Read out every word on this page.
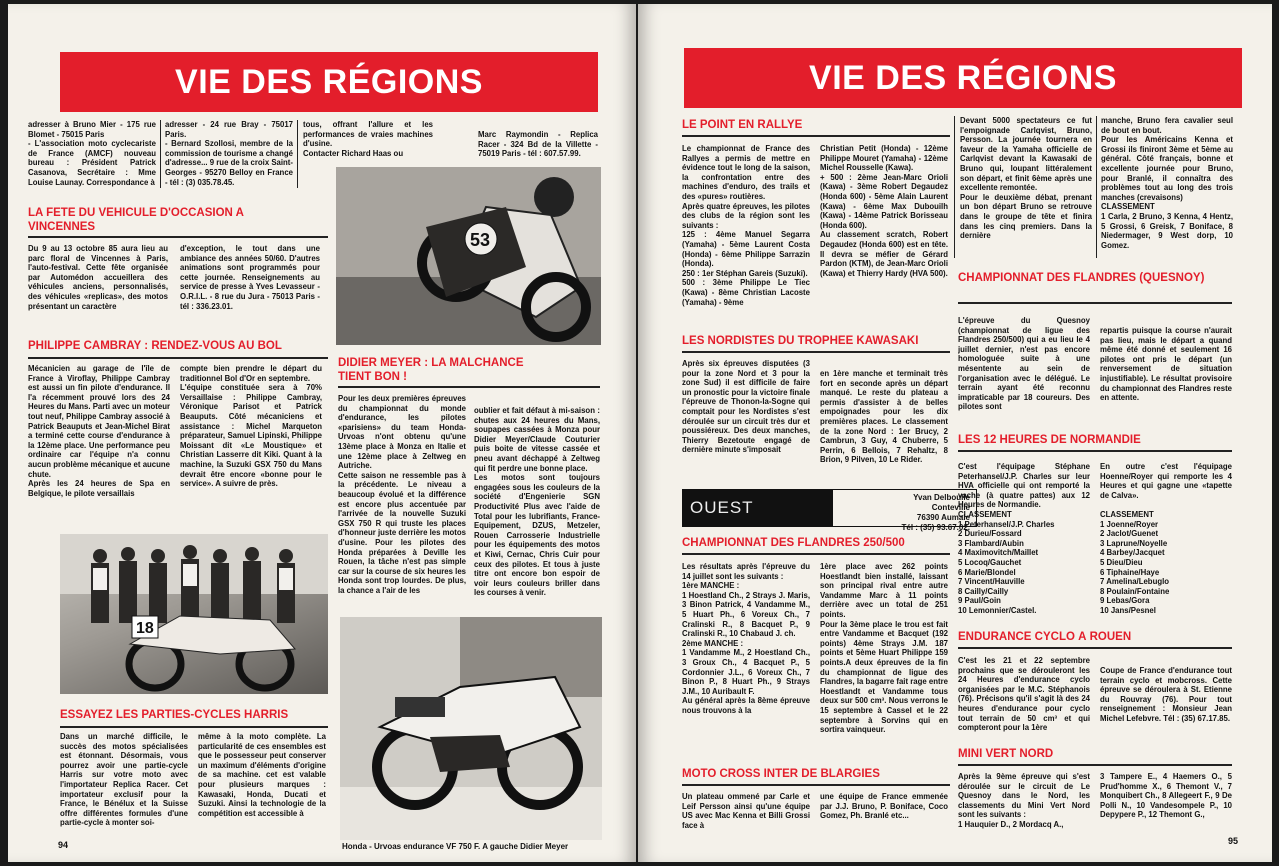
VIE DES RÉGIONS
adresser à Bruno Mier - 175 rue Blomet - 75015 Paris
- L'association moto cyclecariste de France (AMCF) nouveau bureau : Président Patrick Casanova, Secrétaire : Mme Louise Launay. Correspondance à
adresser - 24 rue Bray - 75017 Paris.
- Bernard Szollosi, membre de la commission de tourisme a changé d'adresse... 9 rue de la croix Saint-Georges - 95270 Belloy en France - tél : (3) 035.78.45.
tous, offrant l'allure et les performances de vraies machines d'usine.
Contacter Richard Haas ou
Marc Raymondin - Replica Racer - 324 Bd de la Villette - 75019 Paris - tél : 607.57.99.
LA FÊTE DU VÉHICULE D'OCCASION A VINCENNES
Du 9 au 13 octobre 85 aura lieu au parc floral de Vincennes à Paris, l'auto-festival. Cette fête organisée par Automédon accueillera des véhicules anciens, personnalisés, des véhicules «replicas», des motos présentant un caractère
d'exception, le tout dans une ambiance des années 50/60. D'autres animations sont programmés pour cette journée. Renseignements au service de presse à Yves Levasseur - O.R.I.L. - 8 rue du Jura - 75013 Paris - tél : 336.23.01.
PHILIPPE CAMBRAY : RENDEZ-VOUS AU BOL
Mécanicien au garage de l'île de France à Viroflay, Philippe Cambray est aussi un fin pilote d'endurance. Il l'a récemment prouvé lors des 24 Heures du Mans. Parti avec un moteur tout neuf, Philippe Cambray associé à Patrick Beauputs et Jean-Michel Birat a terminé cette course d'endurance à la 12ème place. Une performance peu ordinaire car l'équipe n'a connu aucun problème mécanique et aucune chute.
Après les 24 heures de Spa en Belgique, le pilote versaillais
compte bien prendre le départ du traditionnel Bol d'Or en septembre.
L'équipe constituée sera à 70% Versaillaise : Philippe Cambray, Véronique Parisot et Patrick Beauputs. Côté mécaniciens et assistance : Michel Marqueton préparateur, Samuel Lipinski, Philippe Moissant dit «Le Moustique» et Christian Lasserre dit Kiki. Quant à la machine, la Suzuki GSX 750 du Mans devrait être encore «bonne pour le service». A suivre de près.
18
ESSAYEZ LES PARTIES-CYCLES HARRIS
Dans un marché difficile, le succès des motos spécialisées est étonnant. Désormais, vous pourrez avoir une partie-cycle Harris sur votre moto avec l'importateur Replica Racer. Cet importateur exclusif pour la France, le Bénélux et la Suisse offre différentes formules d'une partie-cycle à monter soi-
même à la moto complète. La particularité de ces ensembles est que le possesseur peut conserver un maximum d'éléments d'origine de sa machine. cet est valable pour plusieurs marques : Kawasaki, Honda, Ducati et Suzuki. Ainsi la technologie de la compétition est accessible à
53
DIDIER MEYER : LA MALCHANCE TIENT BON !
Pour les deux premières épreuves du championnat du monde d'endurance, les pilotes «parisiens» du team Honda-Urvoas n'ont obtenu qu'une 13ème place à Monza en Italie et une 12ème place à Zeltweg en Autriche.
Cette saison ne ressemble pas à la précédente. Le niveau a beaucoup évolué et la différence est encore plus accentuée par l'arrivée de la nouvelle Suzuki GSX 750 R qui truste les places d'honneur juste derrière les motos d'usine. Pour les pilotes des Honda préparées à Deville les Rouen, la tâche n'est pas simple car sur la course de six heures les Honda sont trop lourdes. De plus, la chance a l'air de les
oublier et fait défaut à mi-saison : chutes aux 24 heures du Mans, soupapes cassées à Monza pour Didier Meyer/Claude Couturier puis boite de vitesse cassée et pneu avant déchappé à Zeltweg qui fit perdre une bonne place.
Les motos sont toujours engagées sous les couleurs de la société d'Engenierie SGN Productivité Plus avec l'aide de Total pour les lubrifiants, France-Equipement, DZUS, Metzeler, Rouen Carrosserie Industrielle pour les équipements des motos et Kiwi, Cernac, Chris Cuir pour ceux des pilotes. Et tous à juste titre ont encore bon espoir de voir leurs couleurs briller dans les courses à venir.
Honda - Urvoas endurance VF 750 F. A gauche Didier Meyer
94
VIE DES RÉGIONS
LE POINT EN RALLYE
Le championnat de France des Rallyes a permis de mettre en évidence tout le long de la saison, la confrontation entre des machines d'enduro, des trails et des «pures» routières.
Après quatre épreuves, les pilotes des clubs de la région sont les suivants :
125 : 4ème Manuel Segarra (Yamaha) - 5ème Laurent Costa (Honda) - 6ème Philippe Sarrazin (Honda).
250 : 1er Stéphan Gareis (Suzuki).
500 : 3ème Philippe Le Tiec (Kawa) - 8ème Christian Lacoste (Yamaha) - 9ème
Christian Petit (Honda) - 12ème Philippe Mouret (Yamaha) - 12ème Michel Rousselle (Kawa).
+ 500 : 2ème Jean-Marc Orioli (Kawa) - 3ème Robert Degaudez (Honda 600) - 5ème Alain Laurent (Kawa) - 6ème Max Dubouilh (Kawa) - 14ème Patrick Borisseau (Honda 600).
Au classement scratch, Robert Degaudez (Honda 600) est en tête. Il devra se méfier de Gérard Pardon (KTM), de Jean-Marc Orioli (Kawa) et Thierry Hardy (HVA 500).
Devant 5000 spectateurs ce fut l'empoignade Carlqvist, Bruno, Persson. La journée tournera en faveur de la Yamaha officielle de Carlqvist devant la Kawasaki de Bruno qui, loupant littéralement son départ, et finit 6ème après une excellente remontée.
Pour le deuxième débat, prenant un bon départ Bruno se retrouve dans le groupe de tête et finira dans les cinq premiers. Dans la dernière
manche, Bruno fera cavalier seul de bout en bout.
Pour les Américains Kenna et Grossi ils finiront 3ème et 5ème au général. Côté français, bonne et excellente journée pour Bruno, pour Branlé, il connaîtra des problèmes tout au long des trois manches (crevaisons)
CLASSEMENT
1 Carla, 2 Bruno, 3 Kenna, 4 Hentz, 5 Grossi, 6 Greisk, 7 Boniface, 8 Niedermager, 9 West dorp, 10 Gomez.
CHAMPIONNAT DES FLANDRES (QUESNOY)
L'épreuve du Quesnoy (championnat de ligue des Flandres 250/500) qui a eu lieu le 4 juillet dernier, n'est pas encore homologuée suite à une mésentente au sein de l'organisation avec le délégué. Le terrain ayant été reconnu impraticable par 18 coureurs. Des pilotes sont
repartis puisque la course n'aurait pas lieu, mais le départ a quand même été donné et seulement 16 pilotes ont pris le départ (un renversement de situation injustifiable). Le résultat provisoire du championnat des Flandres reste en attente.
LES NORDISTES DU TROPHÉE KAWASAKI
Après six épreuves disputées (3 pour la zone Nord et 3 pour la zone Sud) il est difficile de faire un pronostic pour la victoire finale l'épreuve de Thonon-la-Sogne qui comptait pour les Nordistes s'est déroulée sur un circuit très dur et poussiéreux. Des deux manches, Thierry Bezetoute engagé de dernière minute s'imposait
en 1ère manche et terminait très fort en seconde après un départ manqué. Le reste du plateau a permis d'assister à de belles empoignades pour les dix premières places. Le classement de la zone Nord : 1er Brucy, 2 Cambrun, 3 Guy, 4 Chuberre, 5 Perrin, 6 Bellois, 7 Rehaltz, 8 Brion, 9 Pilven, 10 Le Rider.
OUEST
Yvan Delboulle
Conteville
76390 Aumale
Tél : (35) 93.67.02.
CHAMPIONNAT DES FLANDRES 250/500
Les résultats après l'épreuve du 14 juillet sont les suivants :
1ère MANCHE :
1 Hoestland Ch., 2 Strays J. Maris, 3 Binon Patrick, 4 Vandamme M., 5 Huart Ph., 6 Voreux Ch., 7 Cralinski R., 8 Bacquet P., 9 Cralinski R., 10 Chabaud J. ch.
2ème MANCHE :
1 Vandamme M., 2 Hoestland Ch., 3 Groux Ch., 4 Bacquet P., 5 Cordonnier J.L., 6 Voreux Ch., 7 Binon P., 8 Huart Ph., 9 Strays J.M., 10 Auribault F.
Au général après la 8ème épreuve nous trouvons à la
1ère place avec 262 points Hoestlandt bien installé, laissant son principal rival entre autre Vandamme Marc à 11 points derrière avec un total de 251 points.
Pour la 3ème place le trou est fait entre Vandamme et Bacquet (192 points) 4ème Strays J.M. 187 points et 5ème Huart Philippe 159 points.A deux épreuves de la fin du championnat de ligue des Flandres, la bagarre fait rage entre Hoestlandt et Vandamme tous deux sur 500 cm³. Nous verrons le 15 septembre à Cassel et le 22 septembre à Sorvins qui en sortira vainqueur.
MOTO CROSS INTER DE BLARGIES
Un plateau ommené par Carle et Leif Persson ainsi qu'une équipe US avec Mac Kenna et Billi Grossi face à
une équipe de France emmenée par J.J. Bruno, P. Boniface, Coco Gomez, Ph. Branlé etc...
LES 12 HEURES DE NORMANDIE
C'est l'équipage Stéphane Peterhansel/J.P. Charles sur leur HVA officielle qui ont remporté la vache (à quatre pattes) aux 12 Heures de Normandie.
CLASSEMENT
1 Peterhansel/J.P. Charles
2 Durieu/Fossard
3 Flambard/Aubin
4 Maximovitch/Maillet
5 Locoq/Gauchet
6 Marie/Blondel
7 Vincent/Hauville
8 Cailly/Cailly
9 Paul/Goin
10 Lemonnier/Castel.
En outre c'est l'équipage Hoenne/Royer qui remporte les 4 Heures et qui gagne une «tapette de Calva».

CLASSEMENT
1 Joenne/Royer
2 Jaclot/Guenet
3 Laprune/Noyelle
4 Barbey/Jacquet
5 Dieu/Dieu
6 Tiphaine/Haye
7 Amelina/Lebuglo
8 Poulain/Fontaine
9 Lebas/Gora
10 Jans/Pesnel
ENDURANCE CYCLO À ROUEN
C'est les 21 et 22 septembre prochains que se dérouleront les 24 Heures d'endurance cyclo organisées par le M.C. Stéphanois (76). Précisons qu'il s'agit là des 24 heures d'endurance pour cyclo tout terrain de 50 cm³ et qui compteront pour la 1ère
Coupe de France d'endurance tout terrain cyclo et mobcross. Cette épreuve se déroulera à St. Etienne du Rouvray (76). Pour tout renseignement : Monsieur Jean Michel Lefebvre. Tél : (35) 67.17.85.
MINI VERT NORD
Après la 9ème épreuve qui s'est déroulée sur le circuit de Le Quesnoy dans le Nord, les classements du Mini Vert Nord sont les suivants :
1 Hauquier D., 2 Mordacq A.,
3 Tampere E., 4 Haemers O., 5 Prud'homme X., 6 Themont V., 7 Monquibert Ch., 8 Allegeert F., 9 De Polli N., 10 Vandesompele P., 10 Depypere P., 12 Themont G.,
95
